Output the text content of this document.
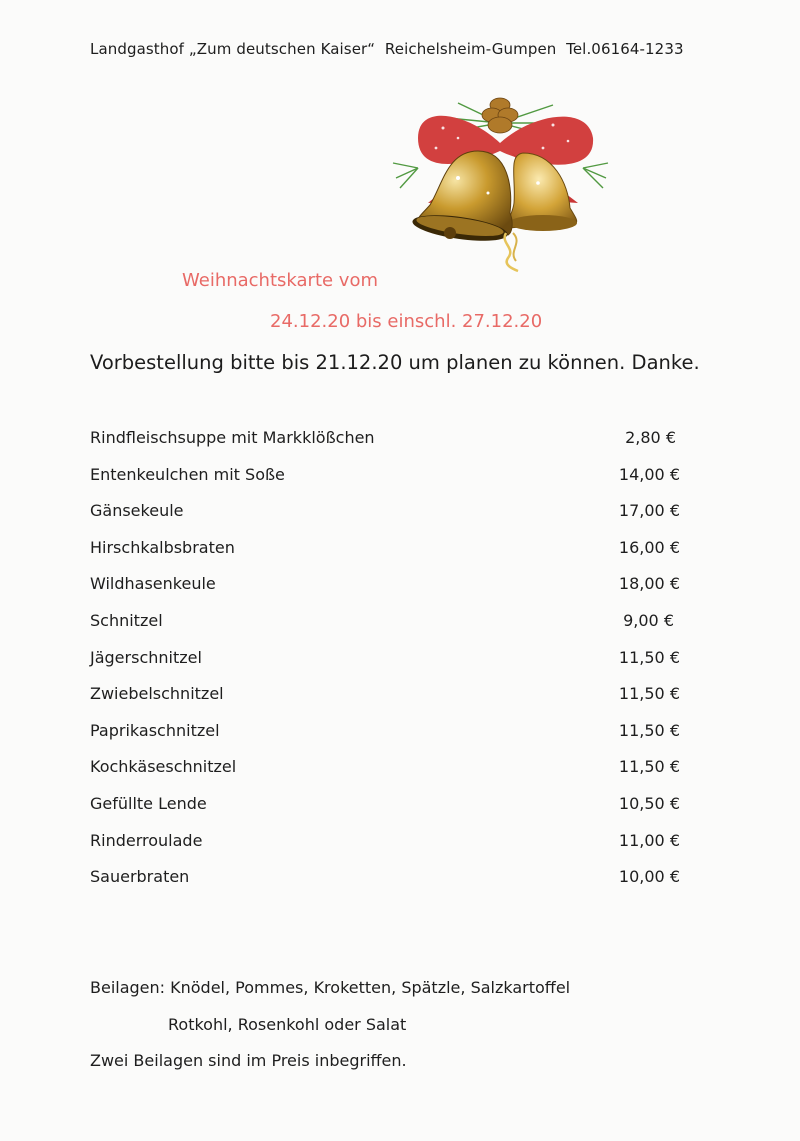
Landgasthof „Zum deutschen Kaiser“  Reichelsheim-Gumpen  Tel.06164-1233
Weihnachtskarte vom
24.12.20 bis einschl. 27.12.20
Vorbestellung bitte bis 21.12.20 um planen zu können. Danke.
Rindfleischsuppe mit Markklößchen	2,80 €
Entenkeulchen mit Soße	14,00 €
Gänsekeule	17,00 €
Hirschkalbsbraten	16,00 €
Wildhasenkeule	18,00 €
Schnitzel	9,00 €
Jägerschnitzel	11,50 €
Zwiebelschnitzel	11,50 €
Paprikaschnitzel	11,50 €
Kochkäseschnitzel	11,50 €
Gefüllte Lende	10,50 €
Rinderroulade	11,00 €
Sauerbraten	10,00 €
Beilagen: Knödel, Pommes, Kroketten, Spätzle, Salzkartoffel
Rotkohl, Rosenkohl oder Salat
Zwei Beilagen sind im Preis inbegriffen.
